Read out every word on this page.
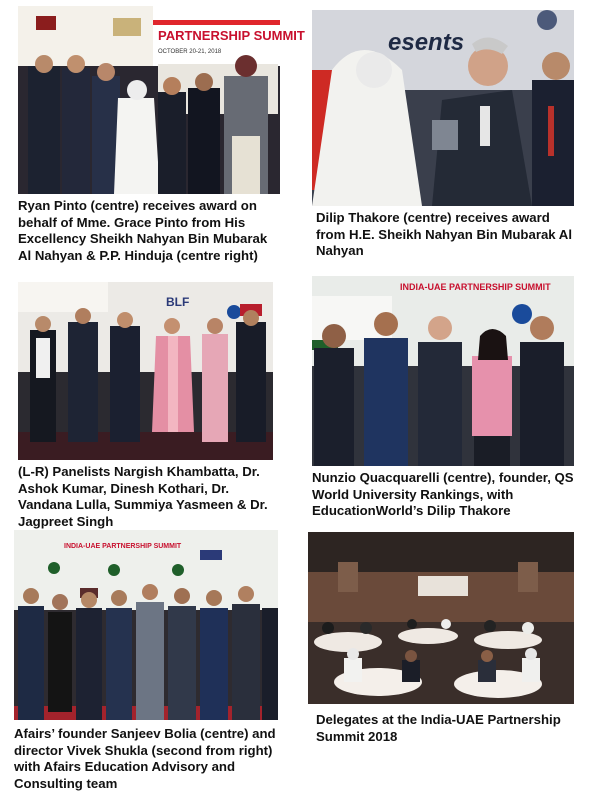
PARTNERSHIP SUMMIT
OCTOBER 20-21, 2018

Ryan Pinto (centre) receives award on behalf of Mme. Grace Pinto from His Excellency Sheikh Nahyan Bin Mubarak Al Nahyan & P.P. Hinduja (centre right)

esents

Dilip Thakore (centre) receives award from H.E. Sheikh Nahyan Bin Mubarak Al Nahyan

BLF

(L-R) Panelists Nargish Khambatta, Dr. Ashok Kumar, Dinesh Kothari, Dr. Vandana Lulla, Summiya Yasmeen & Dr. Jagpreet Singh

INDIA-UAE PARTNERSHIP SUMMIT

Nunzio Quacquarelli (centre), founder, QS World University Rankings, with EducationWorld’s Dilip Thakore

INDIA-UAE PARTNERSHIP SUMMIT

Afairs’ founder Sanjeev Bolia (centre) and director Vivek Shukla (second from right) with Afairs Education Advisory and Consulting team

Delegates at the India-UAE Partnership Summit 2018
